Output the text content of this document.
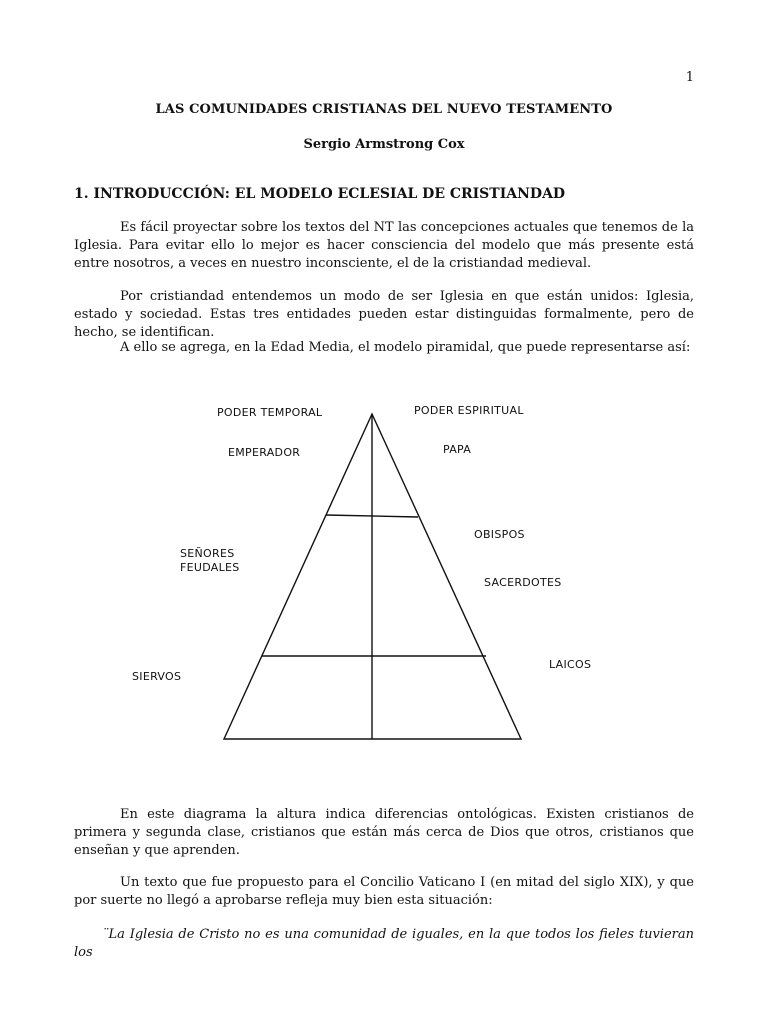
1
LAS COMUNIDADES CRISTIANAS DEL NUEVO TESTAMENTO
Sergio Armstrong Cox
1. INTRODUCCIÓN: EL MODELO ECLESIAL DE CRISTIANDAD

Es fácil proyectar sobre los textos del NT las concepciones actuales que tenemos de la Iglesia. Para evitar ello lo mejor es hacer consciencia del modelo que más presente está entre nosotros, a veces en nuestro inconsciente, el de la cristiandad medieval.

Por cristiandad entendemos un modo de ser Iglesia en que están unidos: Iglesia, estado y sociedad. Estas tres entidades pueden estar distinguidas formalmente, pero de hecho, se identifican.

A ello se agrega, en la Edad Media, el modelo piramidal, que puede representarse así:

PODER TEMPORAL	PODER ESPIRITUAL
EMPERADOR	PAPA
OBISPOS
SEÑORES
FEUDALES
SACERDOTES
LAICOS
SIERVOS

En este diagrama la altura indica diferencias ontológicas. Existen cristianos de primera y segunda clase, cristianos que están más cerca de Dios que otros, cristianos que enseñan y que aprenden.

Un texto que fue propuesto para el Concilio Vaticano I (en mitad del siglo XIX), y que por suerte no llegó a aprobarse refleja muy bien esta situación:

¨La Iglesia de Cristo no es una comunidad de iguales, en la que todos los fieles tuvieran los
